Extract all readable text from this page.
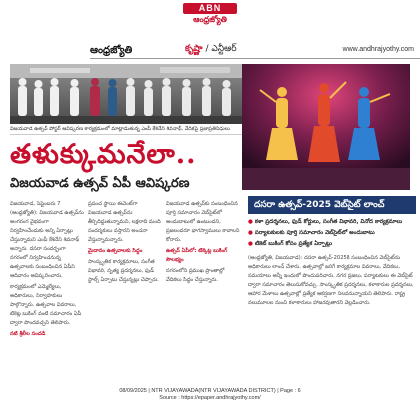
ABN
ఆంధ్రజ్యోతి
ఆంధ్రజ్యోతి	కృష్ణా / ఎన్టీఆర్	www.andhrajyothy.com
విజయవాడ ఉత్సవ్ పోస్టర్ ఆవిష్కరణ కార్యక్రమంలో మాట్లాడుతున్న ఎంపీ కేశినేని శివనాథ్, వేదికపై ప్రజాప్రతినిధులు
తళుక్కుమనేలా..
విజయవాడ ఉత్సవ్ ఏపీ ఆవిష్కరణ

విజయవాడ, సెప్టెంబరు 7 (ఆంధ్రజ్యోతి): విజయవాడ ఉత్సవ్‌ను అంగరంగ వైభవంగా నిర్వహించేందుకు అన్ని ఏర్పాట్లు చేస్తున్నామని ఎంపీ కేశినేని శివనాథ్ అన్నారు. దసరా సందర్భంగా నగరంలో నిర్వహించనున్న ఉత్సవాలకు సంబంధించిన ఏపీని ఆదివారం ఆవిష్కరించారు.

కార్యక్రమంలో ఎమ్మెల్యేలు, అధికారులు, నిర్వాహకులు పాల్గొన్నారు. ఉత్సవాల వివరాలు, టికెట్ల బుకింగ్ వంటి సమాచారం ఏపీ ద్వారా పొందవచ్చని తెలిపారు.

నటి శ్రీలీల సందడి

ప్రపంచ స్థాయి ఈవెంట్‌గా విజయవాడ ఉత్సవ్‌ను తీర్చిదిద్దుతున్నామని, లక్షలాది మంది సందర్శకులు వస్తారని అంచనా వేస్తున్నామన్నారు.

మైదానం ఉత్సవాలకు సిద్ధం

సాంస్కృతిక కార్యక్రమాలు, సంగీత విభావరి, నృత్య ప్రదర్శనలు, ఫుడ్ స్టాల్స్ ఏర్పాటు చేస్తున్నట్లు చెప్పారు.

విజయవాడ ఉత్సవ్‌కు సంబంధించిన పూర్తి సమాచారం వెబ్‌సైట్‌లో అందుబాటులో ఉంటుందని, ప్రజలందరూ భాగస్వాములు కావాలని కోరారు.

ఉత్సవ్ ఏపీలో: టిక్కెట్ల బుకింగ్ సౌలభ్యం

నగరంలోని ప్రముఖ ప్రాంతాల్లో వేదికలు సిద్ధం చేస్తున్నారు.

దసరా ఉత్సవ్-2025 వెబ్‌సైట్ లాంచ్
● కళా ప్రదర్శనలు, ఫుడ్ కోర్టులు, సంగీత విభావరి, వినోద కార్యక్రమాలు
● పర్యాటకులకు పూర్తి సమాచారం వెబ్‌సైట్‌లో అందుబాటు
● టికెట్ బుకింగ్ కోసం ప్రత్యేక ఏర్పాట్లు
(ఆంధ్రజ్యోతి, విజయవాడ): దసరా ఉత్సవ్-2025కి సంబంధించిన వెబ్‌సైట్‌ను అధికారులు లాంచ్ చేశారు. ఉత్సవాల్లో జరిగే కార్యక్రమాల వివరాలు, వేదికలు, సమయాలు అన్నీ ఇందులో పొందుపరిచారు. నగర ప్రజలు, పర్యాటకులు ఈ వెబ్‌సైట్ ద్వారా సమాచారం తెలుసుకోవచ్చు. సాంస్కృతిక ప్రదర్శనలు, కళాకారుల ప్రదర్శనలు, ఆహార మేళాలు ఉత్సవాల్లో ప్రత్యేక ఆకర్షణగా నిలవనున్నాయని తెలిపారు. రాష్ట్ర నలుమూలల నుంచి కళాకారులు హాజరవుతారని వెల్లడించారు.
08/09/2025 | NTR VIJAYAWADA(NTR VIJAYAWADA DISTRICT) | Page : 6
Source : https://epaper.andhrajyothy.com/
